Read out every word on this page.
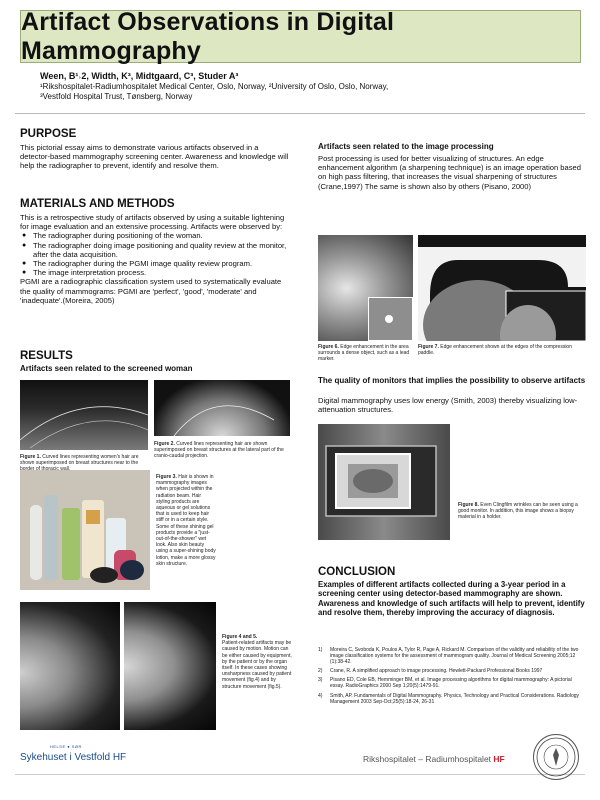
Artifact Observations in Digital Mammography
Ween, B¹˒2, Width, K³, Midtgaard, C³, Studer A³
¹Rikshospitalet-Radiumhospitalet Medical Center, Oslo, Norway, ²University of Oslo, Oslo, Norway,
³Vestfold Hospital Trust, Tønsberg, Norway
PURPOSE
This pictorial essay aims to demonstrate various artifacts observed in a detector-based mammography screening center. Awareness and knowledge will help the radiographer to prevent, identify and resolve them.
MATERIALS AND METHODS
This is a retrospective study of artifacts observed by using a suitable lightening for image evaluation and an extensive processing. Artifacts were observed by:
● The radiographer during positioning of the woman.
● The radiographer doing image positioning and quality review at the monitor, after the data acquisition.
● The radiographer during the PGMI image quality review program.
● The image interpretation process.
PGMI are a radiographic classification system used to systematically evaluate the quality of mammograms: PGMI are 'perfect', 'good', 'moderate' and 'inadequate'.(Moreira, 2005)
RESULTS
Artifacts seen related to the screened woman
Figure 1. Curved lines representing women's hair are shown superimposed on breast structures near to the
Figure 2. Curved lines representing hair are shown superimposed on breast structures at the lateral part of the cranio-caudal projection.
Figure 3. Hair is shown in mammography images when projected within the radiation beam. Hair styling products are aqueous or gel solutions that is used to keep hair stiff or in a certain style. Some of these shining gel products provide a "just-out-of-the-shower" wet look. Also skin beauty using a super-shining body lotion, make a more glossy skin structure.
Figure 4 and 5.
Patient-related artifacts may be caused by motion. Motion can be either caused by equipment, by the patient or by the organ itself. In these cases showing unsharpness caused by patient movement (fig.4) and by structure movement (fig.5).
Artifacts seen related to the image processing
Post processing is used for better visualizing of structures. An edge enhancement algorithm (a sharpening technique) is an image operation based on high pass filtering, that increases the visual sharpening of structures (Crane,1997) The same is shown also by others (Pisano, 2000)
Figure 6. Edge enhancement in the area surrounds a dense object, such as a lead marker.
Figure 7. Edge enhancement shown at the edges of the compression paddle.
The quality of monitors that implies the possibility to observe artifacts
Digital mammography uses low energy (Smith, 2003) thereby visualizing low-attenuation structures.
Figure 8. Even Clingfilm wrinkles can be seen using a good monitor. In addition, this image shows a biopsy material in a holder.
CONCLUSION
Examples of different artifacts collected during a 3-year period in a screening center using detector-based mammography are shown. Awareness and knowledge of such artifacts will help to prevent, identify and resolve them, thereby improving the accuracy of diagnosis.
1)	Moreira C, Svoboda K, Poulos A, Tylor R, Page A, Rickard M. Comparison of the validity and reliability of the two image classification systems for the assessment of mammogram quality. Journal of Medical Screening 2005;12 (1):38-42.
2)	Crane, R. A simplified approach to image processing. Hewlett-Packard Professional Books 1997
3)	Pisano ED, Cole EB, Hemminger BM, et al. Image processing algorithms for digital mammography: A pictorial essay. RadioGraphics 2000 Sep 1;20(5):1479-91.
4)	Smith, AP. Fundamentals of Digital Mammography. Physics, Technology and Practical Considerations. Radiology Management 2003 Sep-Oct;25(5):18-24, 26-31
HELSE ● SØR
Sykehuset i Vestfold HF	Rikshospitalet – Radiumhospitalet HF
